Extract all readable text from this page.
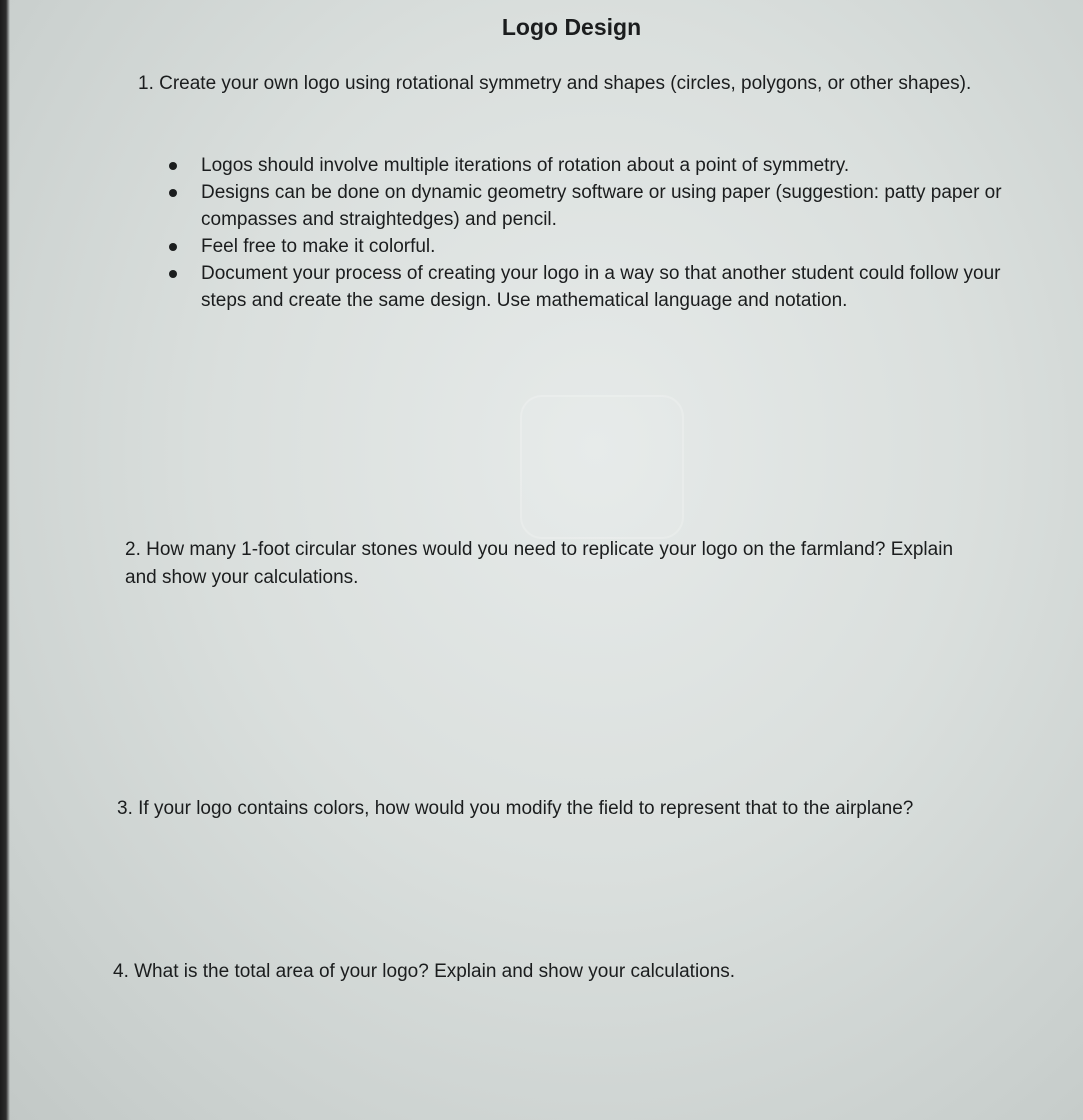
Logo Design

1. Create your own logo using rotational symmetry and shapes (circles, polygons, or other shapes).

Logos should involve multiple iterations of rotation about a point of symmetry.
Designs can be done on dynamic geometry software or using paper (suggestion: patty paper or compasses and straightedges) and pencil.
Feel free to make it colorful.
Document your process of creating your logo in a way so that another student could follow your steps and create the same design. Use mathematical language and notation.

2. How many 1-foot circular stones would you need to replicate your logo on the farmland? Explain and show your calculations.

3. If your logo contains colors, how would you modify the field to represent that to the airplane?

4. What is the total area of your logo? Explain and show your calculations.
